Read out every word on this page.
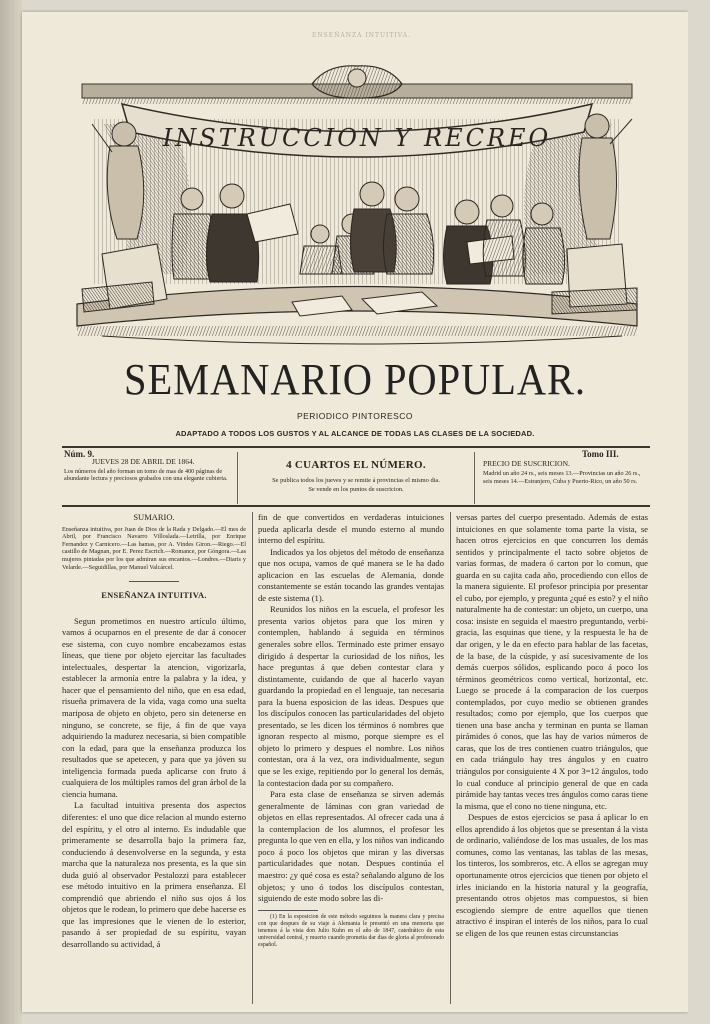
ENSEÑANZA INTUITIVA.
INSTRUCCION Y RECREO
SEMANARIO POPULAR.
PERIODICO PINTORESCO
ADAPTADO A TODOS LOS GUSTOS Y AL ALCANCE DE TODAS LAS CLASES DE LA SOCIEDAD.
Núm. 9.
JUEVES 28 DE ABRIL DE 1864.
Los números del año forman un tomo de mas de 400 páginas de abundante lectura y preciosos grabados con una elegante cubierta.
4 CUARTOS EL NÚMERO.
Se publica todos los jueves y se remite á provincias el mismo dia.
Se vende en los puntos de suscricion.
Tomo III.
PRECIO DE SUSCRICION.
Madrid un año 24 rs., seis meses 13.—Provincias un año 26 rs., seis meses 14.—Estranjero, Cuba y Puerto-Rico, un año 50 rs.

SUMARIO.

Enseñanza intuitiva, por Juan de Dios de la Rada y Delgado.—El mes de Abril, por Francisco Navarro Villoslada.—Letrilla, por Enrique Fernandez y Carnicero.—Las hamas, por A. Vindes Giron.—Riego.—El castillo de Magnan, por E. Perez Escrich.—Romance, por Góngora.—Las mujeres pintadas por los que admiran sus encantos.—Londres.—Diaris y Velarde.—Seguidillas, por Manuel Valcárcel.

ENSEÑANZA INTUITIVA.

Segun prometimos en nuestro artículo último, vamos á ocuparnos en el presente de dar á conocer ese sistema, con cuyo nombre encabezamos estas líneas, que tiene por objeto ejercitar las facultades intelectuales, despertar la atencion, vigorizarla, establecer la armonía entre la palabra y la idea, y hacer que el pensamiento del niño, que en esa edad, risueña primavera de la vida, vaga como una suelta mariposa de objeto en objeto, pero sin detenerse en ninguno, se concrete, se fije, á fin de que vaya adquiriendo la madurez necesaria, si bien compatible con la edad, para que la enseñanza produzca los resultados que se apetecen, y para que ya jóven su inteligencia formada pueda aplicarse con fruto á cualquiera de los múltiples ramos del gran árbol de la ciencia humana.

La facultad intuitiva presenta dos aspectos diferentes: el uno que dice relacion al mundo esterno del espíritu, y el otro al interno. Es indudable que primeramente se desarrolla bajo la primera faz, conduciendo á desenvolverse en la segunda, y esta marcha que la naturaleza nos presenta, es la que sin duda guió al observador Pestalozzi para establecer ese método intuitivo en la primera enseñanza. El comprendió que abriendo el niño sus ojos á los objetos que le rodean, lo primero que debe hacerse es que las impresiones que le vienen de lo esterior, pasando á ser propiedad de su espíritu, vayan desarrollando su actividad, á

fin de que convertidos en verdaderas intuiciones pueda aplicarla desde el mundo esterno al mundo interno del espíritu.

Indicados ya los objetos del método de enseñanza que nos ocupa, vamos de qué manera se le ha dado aplicacion en las escuelas de Alemania, donde constantemente se están tocando las grandes ventajas de este sistema (1).

Reunidos los niños en la escuela, el profesor les presenta varios objetos para que los miren y contemplen, hablando á seguida en términos generales sobre ellos. Terminado este primer ensayo dirigido á despertar la curiosidad de los niños, les hace preguntas á que deben contestar clara y distintamente, cuidando de que al hacerlo vayan guardando la propiedad en el lenguaje, tan necesaria para la buena esposicion de las ideas. Despues que los discípulos conocen las particularidades del objeto presentado, se les dicen los términos ó nombres que ignoran respecto al mismo, porque siempre es el objeto lo primero y despues el nombre. Los niños contestan, ora á la vez, ora individualmente, segun que se les exige, repitiendo por lo general los demás, la contestacion dada por su compañero.

Para esta clase de enseñanza se sirven además generalmente de láminas con gran variedad de objetos en ellas representados. Al ofrecer cada una á la contemplacion de los alumnos, el profesor les pregunta lo que ven en ella, y los niños van indicando poco á poco los objetos que miran y las diversas particularidades que notan. Despues continúa el maestro: ¿y qué cosa es esta? señalando alguno de los objetos; y uno ó todos los discípulos contestan, siguiendo de este modo sobre las di-

(1) En la esposicion de este método seguimos la manera clara y precisa con que despues de su viaje á Alemania le presentó en una memoria que tenemos á la vista don Julio Kuhn en el año de 1847, catedrático de esta universidad central, y muerto cuando prometia dar dias de gloria al profesorado español.

versas partes del cuerpo presentado. Además de estas intuiciones en que solamente toma parte la vista, se hacen otros ejercicios en que concurren los demás sentidos y principalmente el tacto sobre objetos de varias formas, de madera ó carton por lo comun, que guarda en su cajita cada año, procediendo con ellos de la manera siguiente. El profesor principia por presentar el cubo, por ejemplo, y pregunta ¿qué es esto? y el niño naturalmente ha de contestar: un objeto, un cuerpo, una cosa: insiste en seguida el maestro preguntando, verbi-gracia, las esquinas que tiene, y la respuesta le ha de dar origen, y le da en efecto para hablar de las facetas, de la base, de la cúspide, y así sucesivamente de los demás cuerpos sólidos, esplicando poco á poco los términos geométricos como vertical, horizontal, etc. Luego se procede á la comparacion de los cuerpos contemplados, por cuyo medio se obtienen grandes resultados; como por ejemplo, que los cuerpos que tienen una base ancha y terminan en punta se llaman pirámides ó conos, que las hay de varios números de caras, que los de tres contienen cuatro triángulos, que en cada triángulo hay tres ángulos y en cuatro triángulos por consiguiente 4 X por 3=12 ángulos, todo lo cual conduce al principio general de que en cada pirámide hay tantas veces tres ángulos como caras tiene la misma, que el cono no tiene ninguna, etc.

Despues de estos ejercicios se pasa á aplicar lo en ellos aprendido á los objetos que se presentan á la vista de ordinario, valiéndose de los mas usuales, de los mas comunes, como las ventanas, las tablas de las mesas, los tinteros, los sombreros, etc. A ellos se agregan muy oportunamente otros ejercicios que tienen por objeto el irles iniciando en la historia natural y la geografía, presentando otros objetos mas compuestos, si bien escogiendo siempre de entre aquellos que tienen atractivo é inspiran el interés de los niños, para lo cual se eligen de los que reunen estas circunstancias
